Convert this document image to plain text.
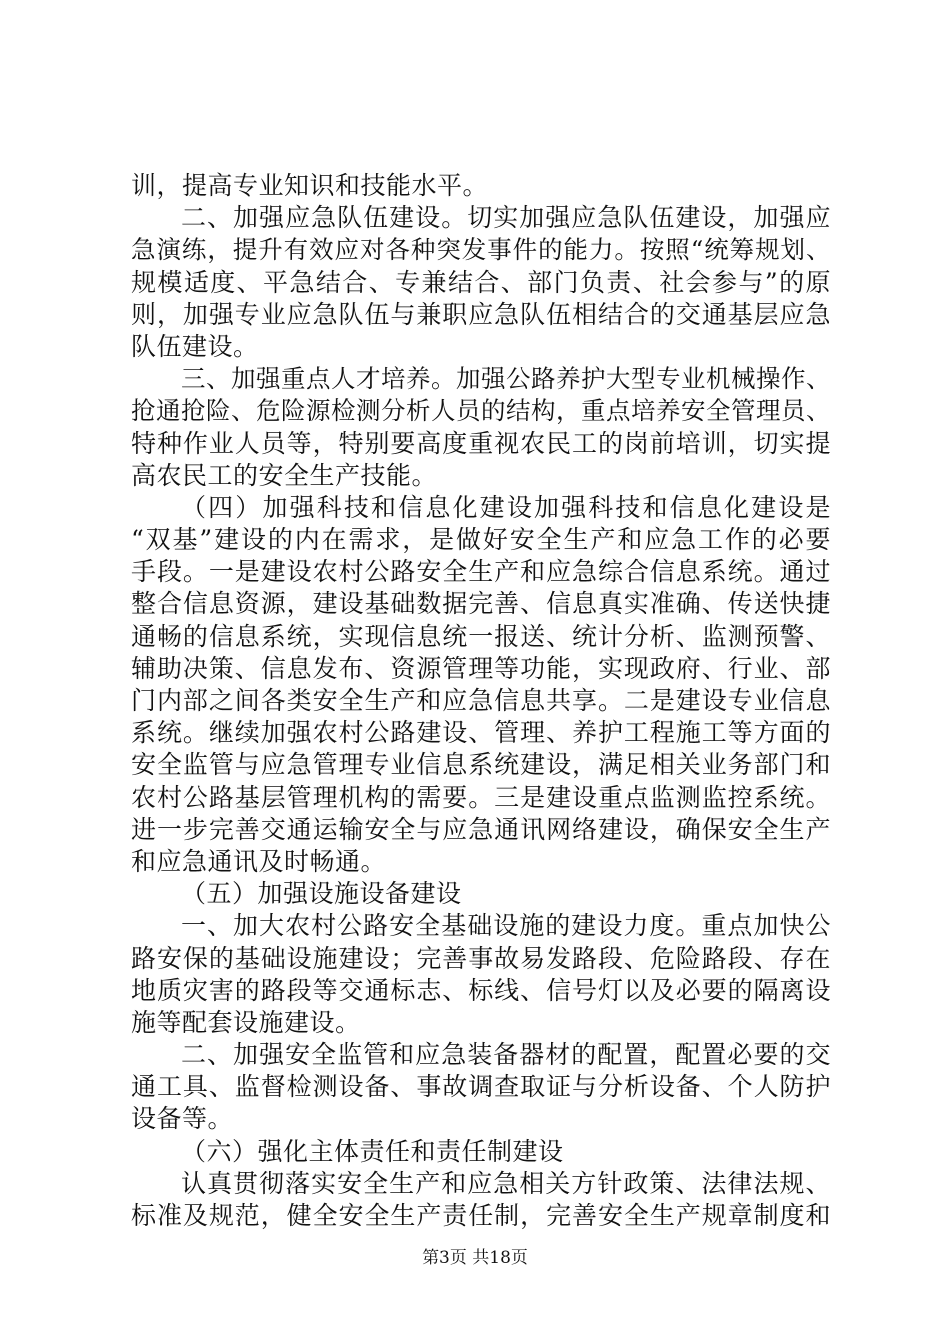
训，提高专业知识和技能水平。
二、加强应急队伍建设。切实加强应急队伍建设，加强应
急演练，提升有效应对各种突发事件的能力。按照“统筹规划、
规模适度、平急结合、专兼结合、部门负责、社会参与”的原
则，加强专业应急队伍与兼职应急队伍相结合的交通基层应急
队伍建设。
三、加强重点人才培养。加强公路养护大型专业机械操作、
抢通抢险、危险源检测分析人员的结构，重点培养安全管理员、
特种作业人员等，特别要高度重视农民工的岗前培训，切实提
高农民工的安全生产技能。
（四）加强科技和信息化建设加强科技和信息化建设是
“双基”建设的内在需求，是做好安全生产和应急工作的必要
手段。一是建设农村公路安全生产和应急综合信息系统。通过
整合信息资源，建设基础数据完善、信息真实准确、传送快捷
通畅的信息系统，实现信息统一报送、统计分析、监测预警、
辅助决策、信息发布、资源管理等功能，实现政府、行业、部
门内部之间各类安全生产和应急信息共享。二是建设专业信息
系统。继续加强农村公路建设、管理、养护工程施工等方面的
安全监管与应急管理专业信息系统建设，满足相关业务部门和
农村公路基层管理机构的需要。三是建设重点监测监控系统。
进一步完善交通运输安全与应急通讯网络建设，确保安全生产
和应急通讯及时畅通。
（五）加强设施设备建设
一、加大农村公路安全基础设施的建设力度。重点加快公
路安保的基础设施建设；完善事故易发路段、危险路段、存在
地质灾害的路段等交通标志、标线、信号灯以及必要的隔离设
施等配套设施建设。
二、加强安全监管和应急装备器材的配置，配置必要的交
通工具、监督检测设备、事故调查取证与分析设备、个人防护
设备等。
（六）强化主体责任和责任制建设
认真贯彻落实安全生产和应急相关方针政策、法律法规、
标准及规范，健全安全生产责任制，完善安全生产规章制度和
第3页 共18页
